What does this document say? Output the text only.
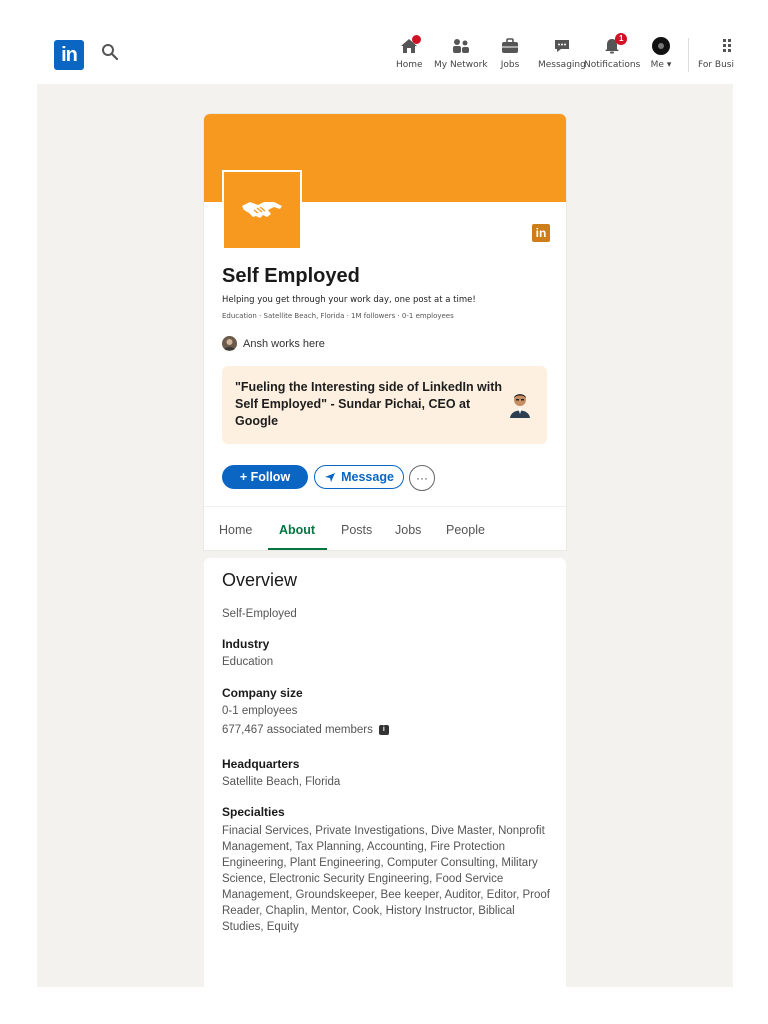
in	Home My Network Jobs Messaging
1
Notifications Me ▾	For Busi
in
Self Employed
Helping you get through your work day, one post at a time!
Education · Satellite Beach, Florida · 1M followers · 0-1 employees
Ansh works here
"Fueling the Interesting side of LinkedIn with Self Employed" - Sundar Pichai, CEO at Google
+ Follow	Message	···
Home About Posts Jobs People
Overview
Self-Employed
Industry
Education
Company size
0-1 employees
677,467 associated members	i
Headquarters
Satellite Beach, Florida
Specialties
Finacial Services, Private Investigations, Dive Master, Nonprofit Management, Tax Planning, Accounting, Fire Protection Engineering, Plant Engineering, Computer Consulting, Military Science, Electronic Security Engineering, Food Service Management, Groundskeeper, Bee keeper, Auditor, Editor, Proof Reader, Chaplin, Mentor, Cook, History Instructor, Biblical Studies, Equity
